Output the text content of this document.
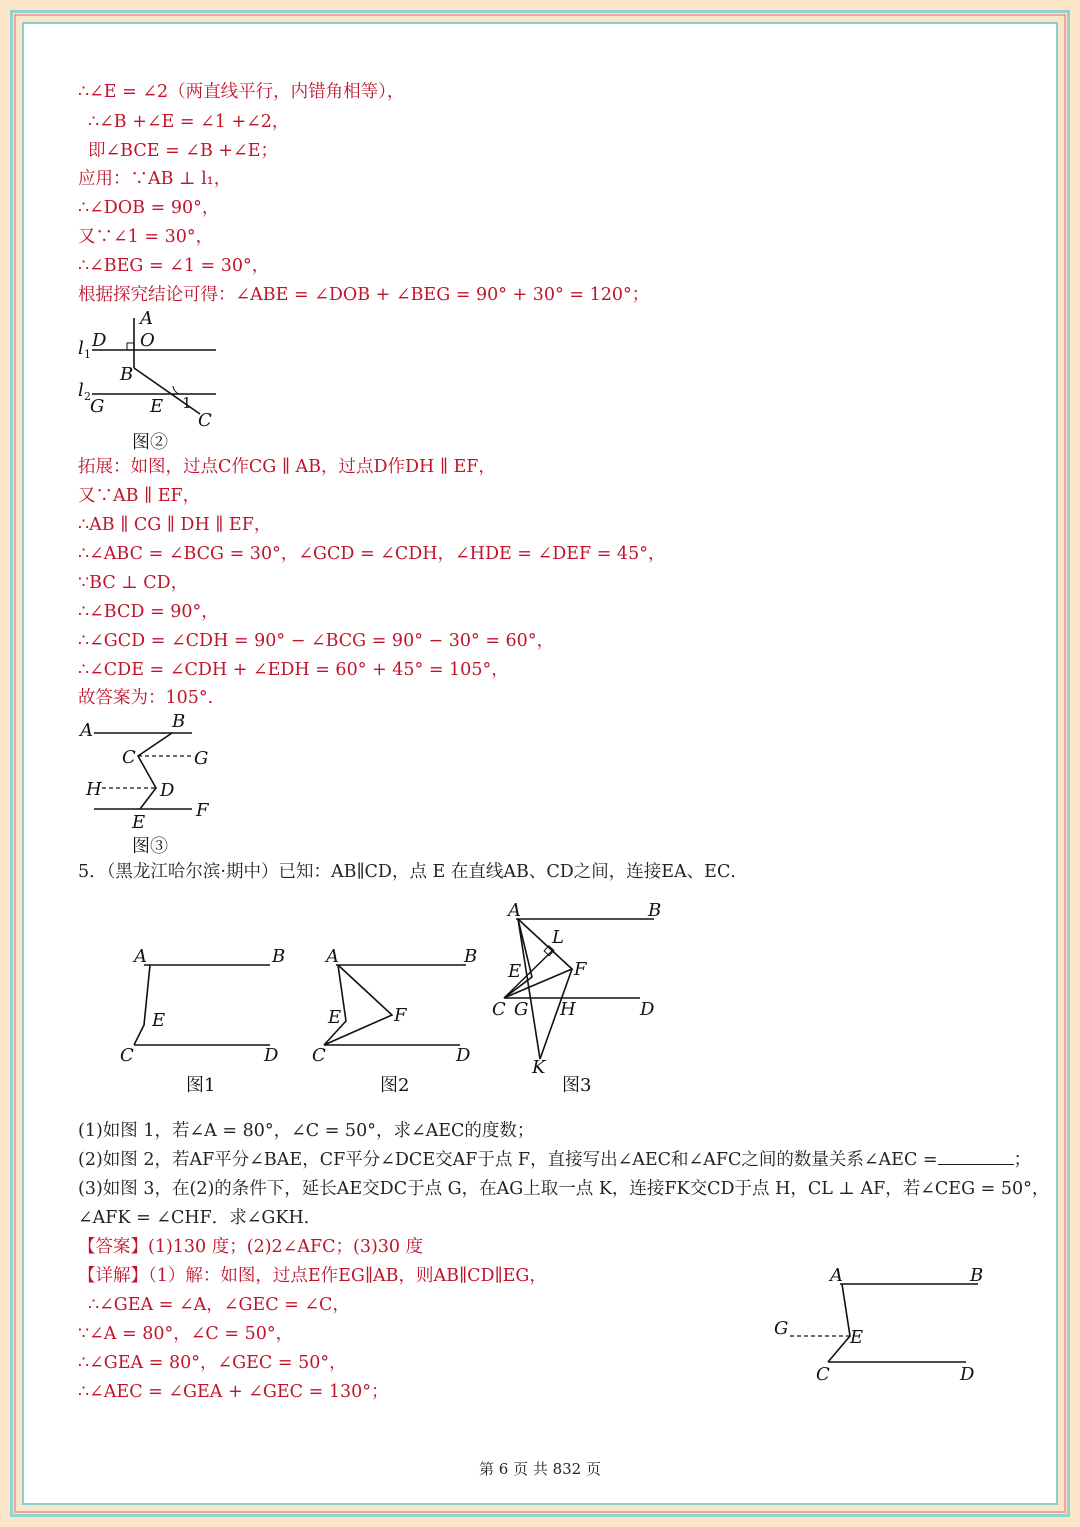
∴∠E = ∠2（两直线平行，内错角相等），
∴∠B +∠E = ∠1 +∠2，
即∠BCE = ∠B +∠E；
应用：∵AB ⊥ l₁，
∴∠DOB = 90°，
又∵∠1 = 30°，
∴∠BEG = ∠1 = 30°，
根据探究结论可得：∠ABE = ∠DOB + ∠BEG = 90° + 30° = 120°；
A
D O
l 1
B
l 2 G	E 1
C
图②
拓展：如图，过点C作CG ∥ AB，过点D作DH ∥ EF，
又∵AB ∥ EF，
∴AB ∥ CG ∥ DH ∥ EF，
∴∠ABC = ∠BCG = 30°，∠GCD = ∠CDH，∠HDE = ∠DEF = 45°，
∵BC ⊥ CD，
∴∠BCD = 90°，
∴∠GCD = ∠CDH = 90° − ∠BCG = 90° − 30° = 60°，
∴∠CDE = ∠CDH + ∠EDH = 60° + 45° = 105°，
故答案为：105°.
A	B
C	G
H	D
F
E
图③
5．（黑龙江哈尔滨·期中）已知：AB∥CD，点 E 在直线AB、CD之间，连接EA、EC．
A	B
E
C	D
A	B
E	F
C	D
A	B
L
E	F
C G H	D
K
图1	图2	图3
(1)如图 1，若∠A = 80°，∠C = 50°，求∠AEC的度数；
(2)如图 2，若AF平分∠BAE，CF平分∠DCE交AF于点 F，直接写出∠AEC和∠AFC之间的数量关系∠AEC =	；
(3)如图 3，在(2)的条件下，延长AE交DC于点 G，在AG上取一点 K，连接FK交CD于点 H，CL ⊥ AF，若∠CEG = 50°，
∠AFK = ∠CHF．求∠GKH．
【答案】(1)130 度；(2)2∠AFC；(3)30 度
【详解】（1）解：如图，过点E作EG∥AB，则AB∥CD∥EG，
∴∠GEA = ∠A，∠GEC = ∠C，
∵∠A = 80°，∠C = 50°，
∴∠GEA = 80°，∠GEC = 50°，
∴∠AEC = ∠GEA + ∠GEC = 130°；
A	B
G	E
C	D
第 6 页 共 832 页
